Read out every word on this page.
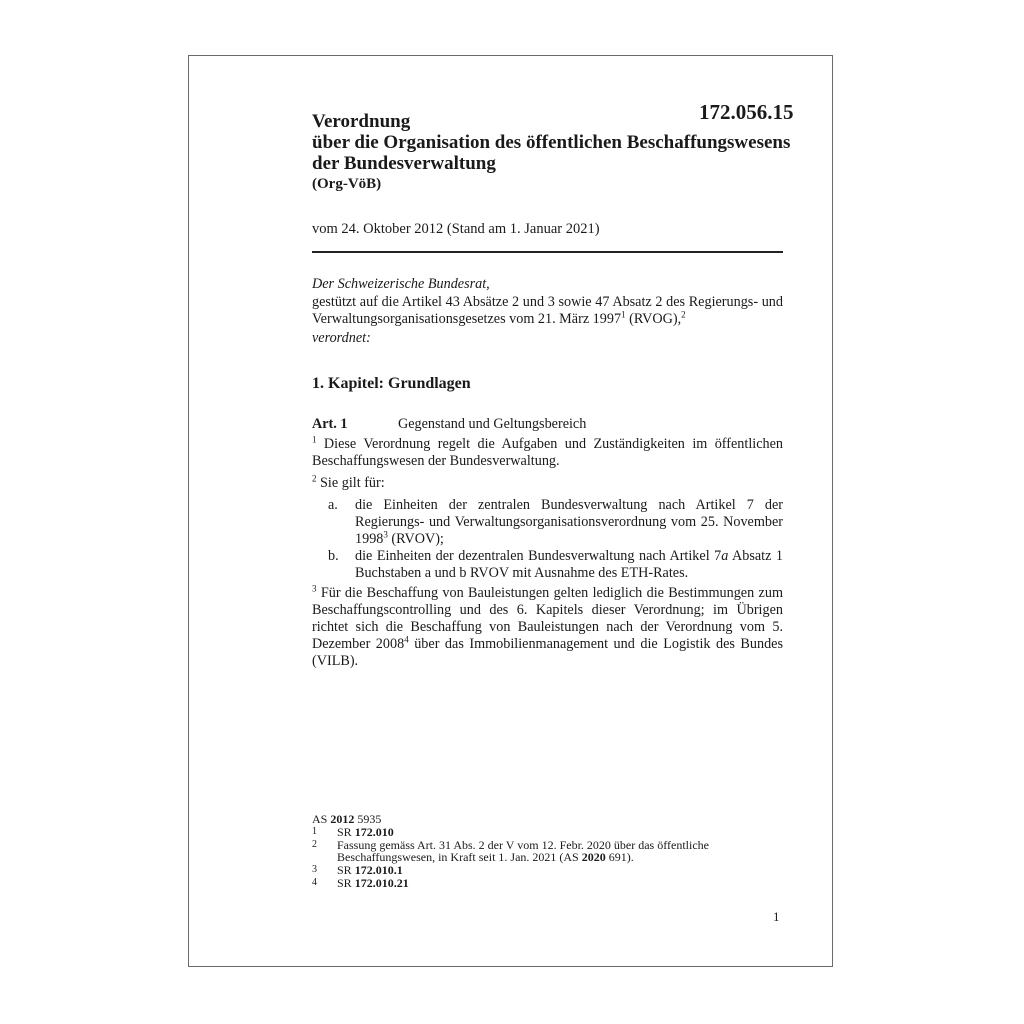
172.056.15
Verordnung
über die Organisation des öffentlichen Beschaffungswesens
der Bundesverwaltung
(Org-VöB)
vom 24. Oktober 2012 (Stand am 1. Januar 2021)
Der Schweizerische Bundesrat,
gestützt auf die Artikel 43 Absätze 2 und 3 sowie 47 Absatz 2 des Regierungs- und Verwaltungsorganisationsgesetzes vom 21. März 1997$^1$ (RVOG),$^2$
verordnet:
1. Kapitel: Grundlagen
Art. 1	Gegenstand und Geltungsbereich
$^1$ Diese Verordnung regelt die Aufgaben und Zuständigkeiten im öffentlichen Beschaffungswesen der Bundesverwaltung.
$^2$ Sie gilt für:
a. die Einheiten der zentralen Bundesverwaltung nach Artikel 7 der Regierungs- und Verwaltungsorganisationsverordnung vom 25. November 1998$^3$ (RVOV);
b. die Einheiten der dezentralen Bundesverwaltung nach Artikel 7a Absatz 1 Buchstaben a und b RVOV mit Ausnahme des ETH-Rates.
$^3$ Für die Beschaffung von Bauleistungen gelten lediglich die Bestimmungen zum Beschaffungscontrolling und des 6. Kapitels dieser Verordnung; im Übrigen richtet sich die Beschaffung von Bauleistungen nach der Verordnung vom 5. Dezember 2008$^4$ über das Immobilienmanagement und die Logistik des Bundes (VILB).
AS 2012 5935
1 SR 172.010
2 Fassung gemäss Art. 31 Abs. 2 der V vom 12. Febr. 2020 über das öffentliche Beschaffungswesen, in Kraft seit 1. Jan. 2021 (AS 2020 691).
3 SR 172.010.1
4 SR 172.010.21
1
